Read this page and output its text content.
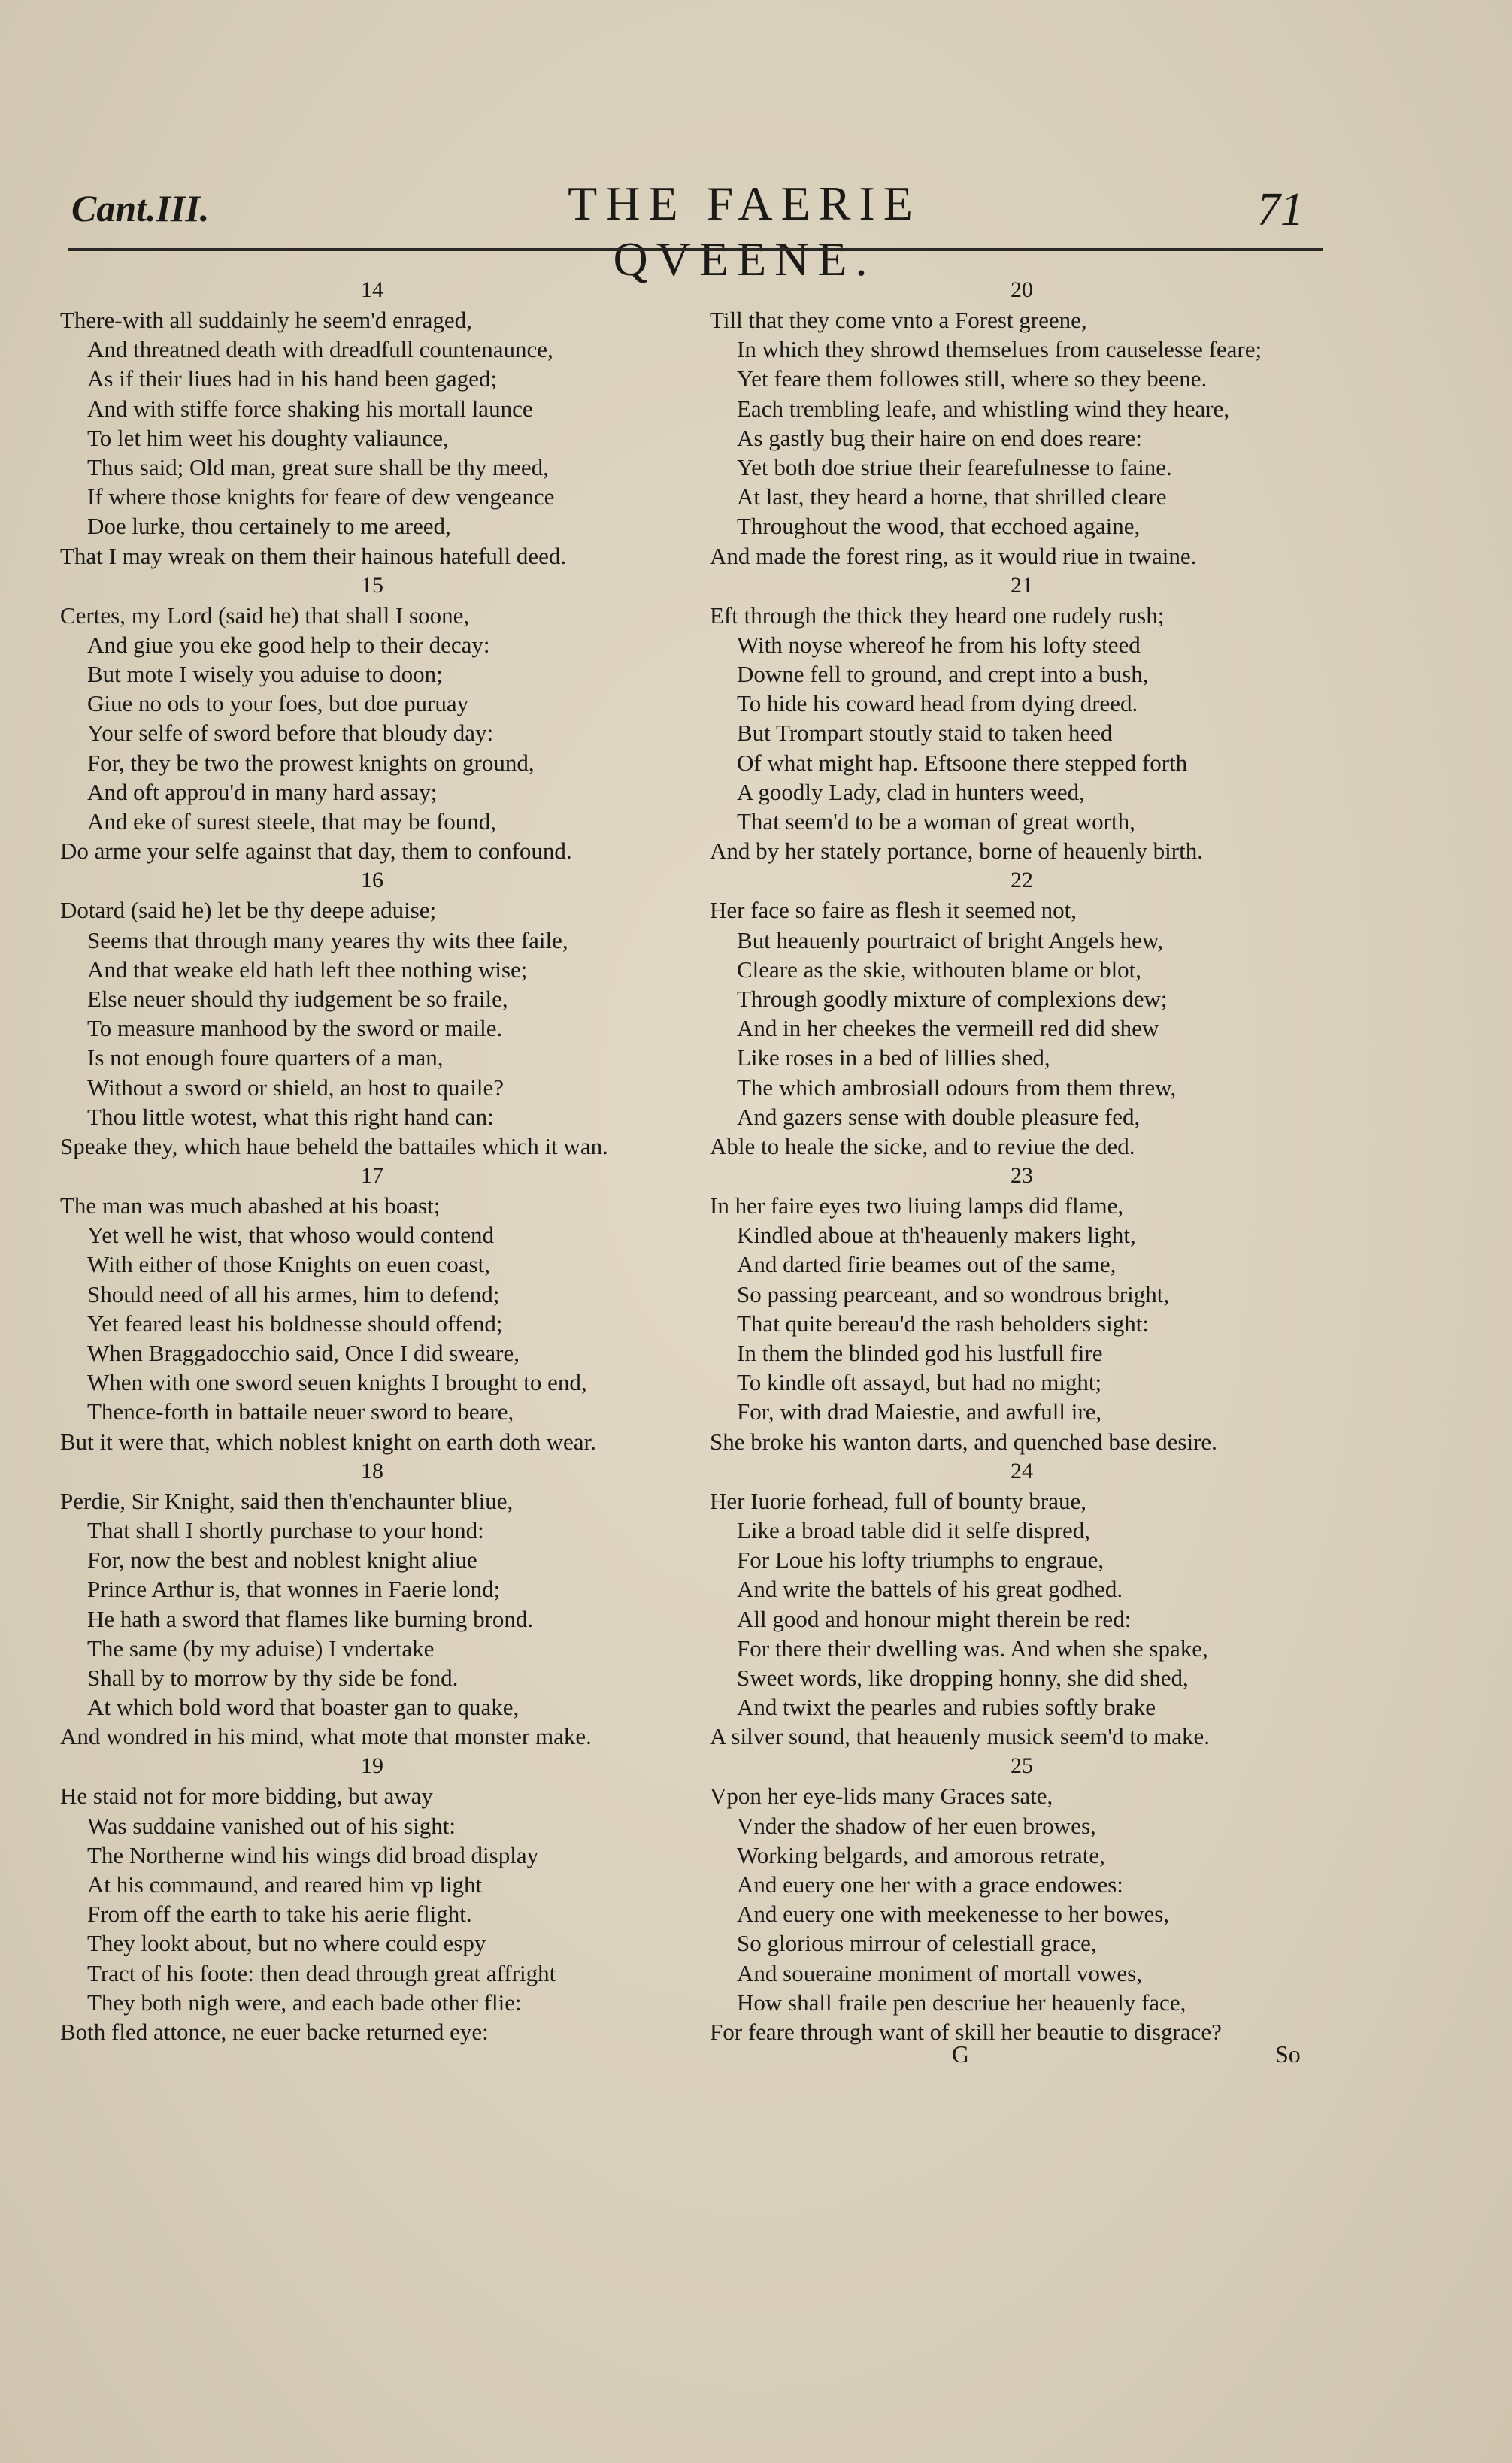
Cant.III.	THE FAERIE QVEENE.
71
14
There-with all suddainly he seem'd enraged,
And threatned death with dreadfull countenaunce,
As if their liues had in his hand been gaged;
And with stiffe force shaking his mortall launce
To let him weet his doughty valiaunce,
Thus said; Old man, great sure shall be thy meed,
If where those knights for feare of dew vengeance
Doe lurke, thou certainely to me areed,
That I may wreak on them their hainous hatefull deed.
15
Certes, my Lord (said he) that shall I soone,
And giue you eke good help to their decay:
But mote I wisely you aduise to doon;
Giue no ods to your foes, but doe puruay
Your selfe of sword before that bloudy day:
For, they be two the prowest knights on ground,
And oft approu'd in many hard assay;
And eke of surest steele, that may be found,
Do arme your selfe against that day, them to confound.
16
Dotard (said he) let be thy deepe aduise;
Seems that through many yeares thy wits thee faile,
And that weake eld hath left thee nothing wise;
Else neuer should thy iudgement be so fraile,
To measure manhood by the sword or maile.
Is not enough foure quarters of a man,
Without a sword or shield, an host to quaile?
Thou little wotest, what this right hand can:
Speake they, which haue beheld the battailes which it wan.
17
The man was much abashed at his boast;
Yet well he wist, that whoso would contend
With either of those Knights on euen coast,
Should need of all his armes, him to defend;
Yet feared least his boldnesse should offend;
When Braggadocchio said, Once I did sweare,
When with one sword seuen knights I brought to end,
Thence-forth in battaile neuer sword to beare,
But it were that, which noblest knight on earth doth wear.
18
Perdie, Sir Knight, said then th'enchaunter bliue,
That shall I shortly purchase to your hond:
For, now the best and noblest knight aliue
Prince Arthur is, that wonnes in Faerie lond;
He hath a sword that flames like burning brond.
The same (by my aduise) I vndertake
Shall by to morrow by thy side be fond.
At which bold word that boaster gan to quake,
And wondred in his mind, what mote that monster make.
19
He staid not for more bidding, but away
Was suddaine vanished out of his sight:
The Northerne wind his wings did broad display
At his commaund, and reared him vp light
From off the earth to take his aerie flight.
They lookt about, but no where could espy
Tract of his foote: then dead through great affright
They both nigh were, and each bade other flie:
Both fled attonce, ne euer backe returned eye:
20
Till that they come vnto a Forest greene,
In which they shrowd themselues from causelesse feare;
Yet feare them followes still, where so they beene.
Each trembling leafe, and whistling wind they heare,
As gastly bug their haire on end does reare:
Yet both doe striue their fearefulnesse to faine.
At last, they heard a horne, that shrilled cleare
Throughout the wood, that ecchoed againe,
And made the forest ring, as it would riue in twaine.
21
Eft through the thick they heard one rudely rush;
With noyse whereof he from his lofty steed
Downe fell to ground, and crept into a bush,
To hide his coward head from dying dreed.
But Trompart stoutly staid to taken heed
Of what might hap. Eftsoone there stepped forth
A goodly Lady, clad in hunters weed,
That seem'd to be a woman of great worth,
And by her stately portance, borne of heauenly birth.
22
Her face so faire as flesh it seemed not,
But heauenly pourtraict of bright Angels hew,
Cleare as the skie, withouten blame or blot,
Through goodly mixture of complexions dew;
And in her cheekes the vermeill red did shew
Like roses in a bed of lillies shed,
The which ambrosiall odours from them threw,
And gazers sense with double pleasure fed,
Able to heale the sicke, and to reviue the ded.
23
In her faire eyes two liuing lamps did flame,
Kindled aboue at th'heauenly makers light,
And darted firie beames out of the same,
So passing pearceant, and so wondrous bright,
That quite bereau'd the rash beholders sight:
In them the blinded god his lustfull fire
To kindle oft assayd, but had no might;
For, with drad Maiestie, and awfull ire,
She broke his wanton darts, and quenched base desire.
24
Her Iuorie forhead, full of bounty braue,
Like a broad table did it selfe dispred,
For Loue his lofty triumphs to engraue,
And write the battels of his great godhed.
All good and honour might therein be red:
For there their dwelling was. And when she spake,
Sweet words, like dropping honny, she did shed,
And twixt the pearles and rubies softly brake
A silver sound, that heauenly musick seem'd to make.
25
Vpon her eye-lids many Graces sate,
Vnder the shadow of her euen browes,
Working belgards, and amorous retrate,
And euery one her with a grace endowes:
And euery one with meekenesse to her bowes,
So glorious mirrour of celestiall grace,
And soueraine moniment of mortall vowes,
How shall fraile pen descriue her heauenly face,
For feare through want of skill her beautie to disgrace?
G	So
